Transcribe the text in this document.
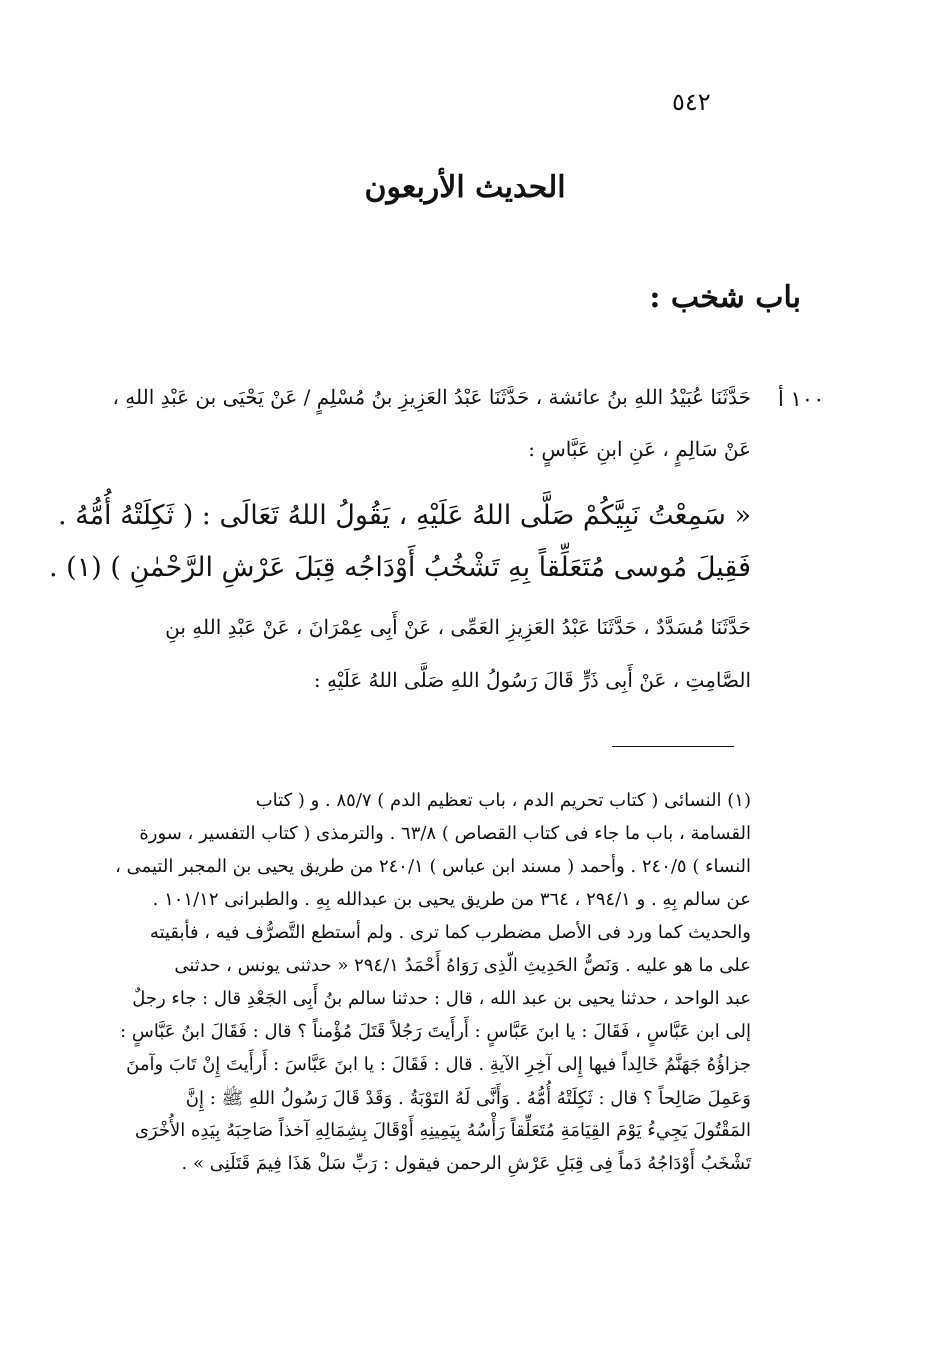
٥٤٢
الحديث الأربعون
باب شخب :
١٠٠ أ
حَدَّثَنَا عُبَيْدُ اللهِ بنُ عائشة ، حَدَّثَنَا عَبْدُ العَزِيزِ بنُ مُسْلِمٍ / عَنْ يَحْيَى بن عَبْدِ اللهِ ،
عَنْ سَالِمٍ ، عَنِ ابنِ عَبَّاسٍ :
« سَمِعْتُ نَبِيَّكُمْ صَلَّى اللهُ عَلَيْهِ ، يَقُولُ اللهُ تَعَالَى : ( ثَكِلَتْهُ أُمُّهُ .
فَقِيلَ مُوسى مُتَعَلِّقاً بِهِ تَشْخُبُ أَوْدَاجُه قِبَلَ عَرْشِ الرَّحْمٰنِ ) (١) .
حَدَّثَنَا مُسَدَّدٌ ، حَدَّثَنَا عَبْدُ العَزِيزِ العَمِّى ، عَنْ أَبِى عِمْرَانَ ، عَنْ عَبْدِ اللهِ بنِ
الصَّامِتِ ، عَنْ أَبِى ذَرٍّ قَالَ رَسُولُ اللهِ صَلَّى اللهُ عَلَيْهِ :
(١) النسائى ( كتاب تحريم الدم ، باب تعظيم الدم ) ٨٥/٧ . و ( كتاب
القسامة ، باب ما جاء فى كتاب القصاص ) ٦٣/٨ . والترمذى ( كتاب التفسير ، سورة
النساء ) ٢٤٠/٥ . وأحمد ( مسند ابن عباس ) ٢٤٠/١ من طريق يحيى بن المجبر التيمى ،
عن سالم بِهِ . و ٢٩٤/١ ، ٣٦٤ من طريق يحيى بن عبدالله بِهِ . والطبرانى ١٠١/١٢ .
والحديث كما ورد فى الأصل مضطرب كما ترى . ولم أستطع التَّصرُّف فيه ، فأبقيته
على ما هو عليه . وَنَصُّ الحَدِيثِ الّذِى رَوَاهُ أَحْمَدُ ٢٩٤/١ « حدثنى يونس ، حدثنى
عبد الواحد ، حدثنا يحيى بن عبد الله ، قال : حدثنا سالم بنُ أَبِى الجَعْدِ قال : جاء رجلٌ
إلى ابن عَبَّاسٍ ، فَقَالَ : يا ابنَ عَبَّاسٍ : أَرأَيتَ رَجُلاً قَتَلَ مُؤْمناً ؟ قال : فَقَالَ ابنُ عَبَّاسٍ :
جزاؤُهُ جَهَنَّمُ خَالِداً فيها إِلى آخِرِ الآيةِ . قال : فَقَالَ : يا ابنَ عَبَّاسَ : أَرأَيتَ إِنْ تَابَ وآمنَ
وَعَمِلَ صَالِحاً ؟ قال : ثَكِلَتْهُ أُمُّهُ . وَأَنَّى لَهُ التَوْبَةُ . وَقَدْ قَالَ رَسُولُ اللهِ ﷺ : إِنَّ
المَقْتُولَ يَجِيءُ يَوْمَ القِيَامَةِ مُتَعَلِّقاً رَأْسُهُ بِيَمِينِهِ أَوْقَالَ بِشِمَالِهِ آخذاً صَاحِبَهُ بِيَدِه الأُخْرَى
تَشْخَبُ أَوْدَاجُهُ دَماً فِى قِبَلِ عَرْشِ الرحمن فيقول : رَبِّ سَلْ هَذَا فِيمَ قَتَلَنِى » .
